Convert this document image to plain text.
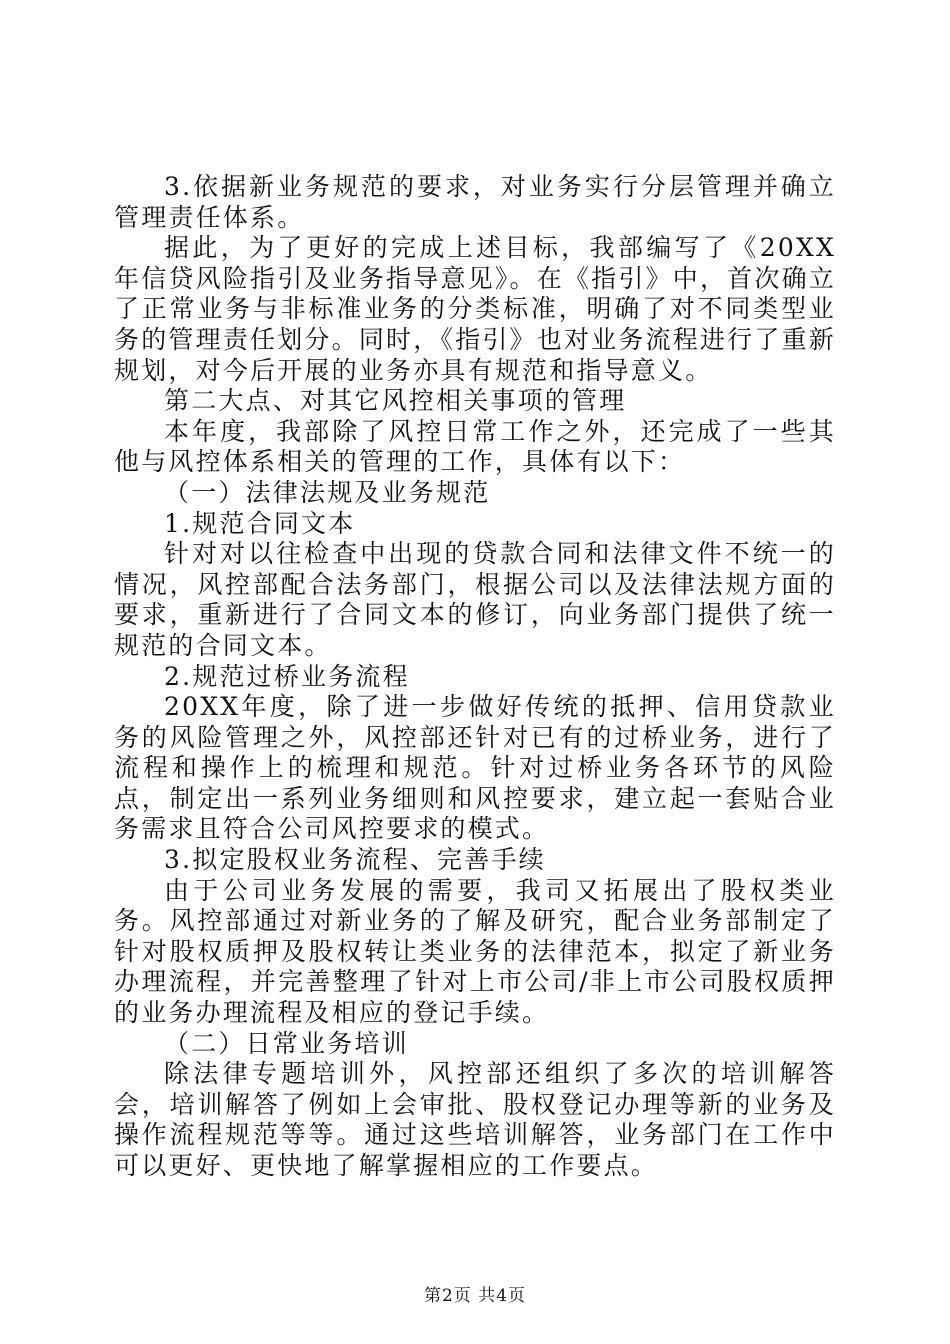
3.依据新业务规范的要求，对业务实行分层管理并确立管理责任体系。

据此，为了更好的完成上述目标，我部编写了《20XX年信贷风险指引及业务指导意见》。在《指引》中，首次确立了正常业务与非标准业务的分类标准，明确了对不同类型业务的管理责任划分。同时，《指引》也对业务流程进行了重新规划，对今后开展的业务亦具有规范和指导意义。

第二大点、对其它风控相关事项的管理

本年度，我部除了风控日常工作之外，还完成了一些其他与风控体系相关的管理的工作，具体有以下：

（一）法律法规及业务规范

1.规范合同文本

针对对以往检查中出现的贷款合同和法律文件不统一的情况，风控部配合法务部门，根据公司以及法律法规方面的要求，重新进行了合同文本的修订，向业务部门提供了统一规范的合同文本。

2.规范过桥业务流程

20XX年度，除了进一步做好传统的抵押、信用贷款业务的风险管理之外，风控部还针对已有的过桥业务，进行了流程和操作上的梳理和规范。针对过桥业务各环节的风险点，制定出一系列业务细则和风控要求，建立起一套贴合业务需求且符合公司风控要求的模式。

3.拟定股权业务流程、完善手续

由于公司业务发展的需要，我司又拓展出了股权类业务。风控部通过对新业务的了解及研究，配合业务部制定了针对股权质押及股权转让类业务的法律范本，拟定了新业务办理流程，并完善整理了针对上市公司/非上市公司股权质押的业务办理流程及相应的登记手续。

（二）日常业务培训

除法律专题培训外，风控部还组织了多次的培训解答会，培训解答了例如上会审批、股权登记办理等新的业务及操作流程规范等等。通过这些培训解答，业务部门在工作中可以更好、更快地了解掌握相应的工作要点。

第2页 共4页
